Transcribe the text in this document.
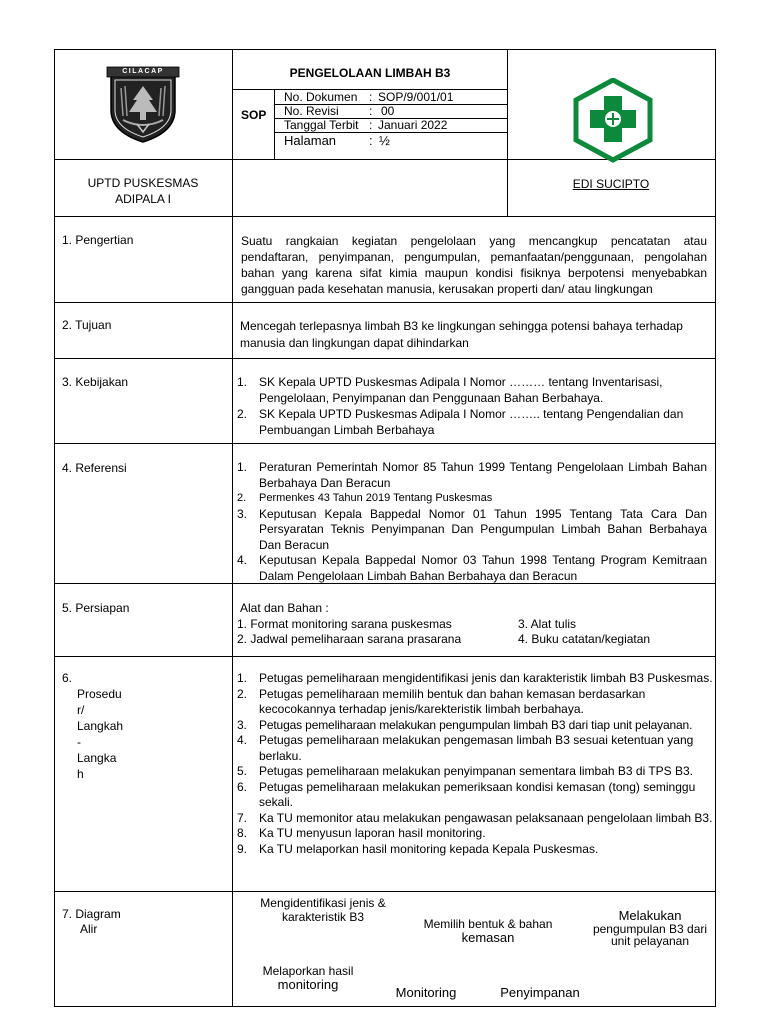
CILACAP	PENGELOLAAN LIMBAH B3
SOP
No. Dokumen : SOP/9/001/01
No. Revisi	: 00
Tanggal Terbit : Januari 2022
Halaman	: ½
UPTD PUSKESMAS
ADIPALA I
EDI SUCIPTO
1. Pengertian	Suatu rangkaian kegiatan pengelolaan yang mencangkup pencatatan atau pendaftaran, penyimpanan, pengumpulan, pemanfaatan/penggunaan, pengolahan bahan yang karena sifat kimia maupun kondisi fisiknya berpotensi menyebabkan gangguan pada kesehatan manusia, kerusakan properti dan/ atau lingkungan
2. Tujuan	Mencegah terlepasnya limbah B3 ke lingkungan sehingga potensi bahaya terhadap manusia dan lingkungan dapat dihindarkan
3. Kebijakan	1. SK Kepala UPTD Puskesmas Adipala I Nomor ……… tentang Inventarisasi, Pengelolaan, Penyimpanan dan Penggunaan Bahan Berbahaya.
2. SK Kepala UPTD Puskesmas Adipala I Nomor …….. tentang Pengendalian dan Pembuangan Limbah Berbahaya
4. Referensi	1. Peraturan Pemerintah Nomor 85 Tahun 1999 Tentang Pengelolaan Limbah Bahan Berbahaya Dan Beracun
2. Permenkes 43 Tahun 2019 Tentang Puskesmas
3. Keputusan Kepala Bappedal Nomor 01 Tahun 1995 Tentang Tata Cara Dan Persyaratan Teknis Penyimpanan Dan Pengumpulan Limbah Bahan Berbahaya Dan Beracun
4. Keputusan Kepala Bappedal Nomor 03 Tahun 1998 Tentang Program Kemitraan Dalam Pengelolaan Limbah Bahan Berbahaya dan Beracun
5. Persiapan	Alat dan Bahan :
1. Format monitoring sarana puskesmas
2. Jadwal pemeliharaan sarana prasarana
3. Alat tulis
4. Buku catatan/kegiatan
6.
Prosedu
r/
Langkah
-
Langka
h
1. Petugas pemeliharaan mengidentifikasi jenis dan karakteristik limbah B3 Puskesmas.
2. Petugas pemeliharaan memilih bentuk dan bahan kemasan berdasarkan kecocokannya terhadap jenis/karekteristik limbah berbahaya.
3. Petugas pemeliharaan melakukan pengumpulan limbah B3 dari tiap unit pelayanan.
4. Petugas pemeliharaan melakukan pengemasan limbah B3 sesuai ketentuan yang berlaku.
5. Petugas pemeliharaan melakukan penyimpanan sementara limbah B3 di TPS B3.
6. Petugas pemeliharaan melakukan pemeriksaan kondisi kemasan (tong) seminggu sekali.
7. Ka TU memonitor atau melakukan pengawasan pelaksanaan pengelolaan limbah B3.
8. Ka TU menyusun laporan hasil monitoring.
9. Ka TU melaporkan hasil monitoring kepada Kepala Puskesmas.
7. Diagram
Alir
Mengidentifikasi jenis &
karakteristik B3	Memilih bentuk & bahan
kemasan
Melakukan
pengumpulan B3 dari
unit pelayanan
Melaporkan hasil
monitoring
Monitoring	Penyimpanan
